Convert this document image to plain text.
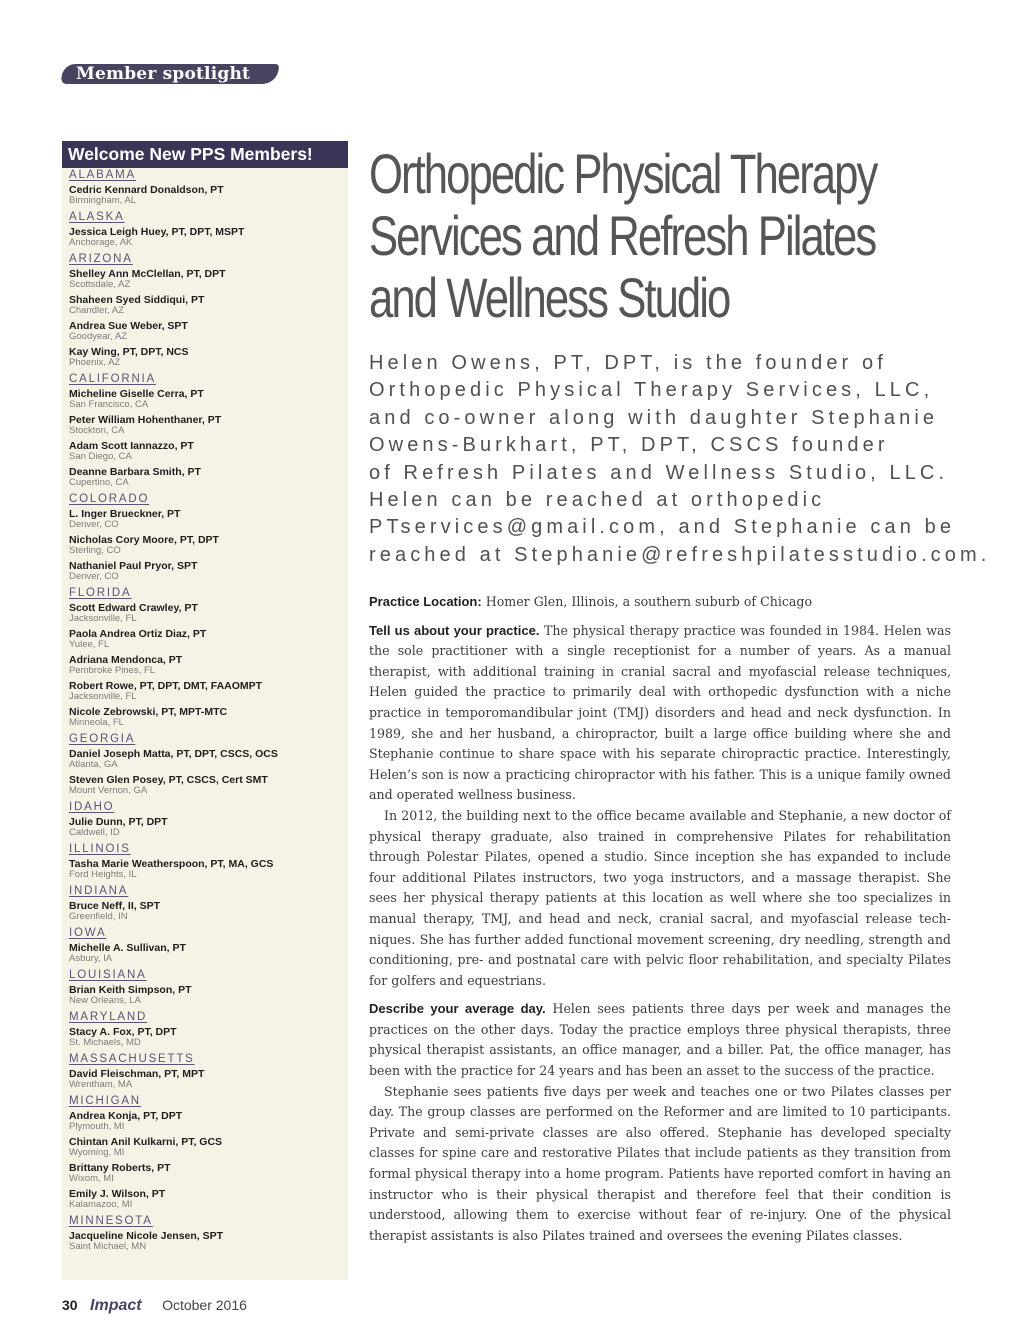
Member spotlight
Welcome New PPS Members!
ALABAMA
Cedric Kennard Donaldson, PT
Birmingham, AL
ALASKA
Jessica Leigh Huey, PT, DPT, MSPT
Anchorage, AK
ARIZONA
Shelley Ann McClellan, PT, DPT
Scottsdale, AZ
Shaheen Syed Siddiqui, PT
Chandler, AZ
Andrea Sue Weber, SPT
Goodyear, AZ
Kay Wing, PT, DPT, NCS
Phoenix, AZ
CALIFORNIA
Micheline Giselle Cerra, PT
San Francisco, CA
Peter William Hohenthaner, PT
Stockton, CA
Adam Scott Iannazzo, PT
San Diego, CA
Deanne Barbara Smith, PT
Cupertino, CA
COLORADO
L. Inger Brueckner, PT
Denver, CO
Nicholas Cory Moore, PT, DPT
Sterling, CO
Nathaniel Paul Pryor, SPT
Denver, CO
FLORIDA
Scott Edward Crawley, PT
Jacksonville, FL
Paola Andrea Ortiz Diaz, PT
Yulee, FL
Adriana Mendonca, PT
Pembroke Pines, FL
Robert Rowe, PT, DPT, DMT, FAAOMPT
Jacksonville, FL
Nicole Zebrowski, PT, MPT-MTC
Minneola, FL
GEORGIA
Daniel Joseph Matta, PT, DPT, CSCS, OCS
Atlanta, GA
Steven Glen Posey, PT, CSCS, Cert SMT
Mount Vernon, GA
IDAHO
Julie Dunn, PT, DPT
Caldwell, ID
ILLINOIS
Tasha Marie Weatherspoon, PT, MA, GCS
Ford Heights, IL
INDIANA
Bruce Neff, II, SPT
Greenfield, IN
IOWA
Michelle A. Sullivan, PT
Asbury, IA
LOUISIANA
Brian Keith Simpson, PT
New Orleans, LA
MARYLAND
Stacy A. Fox, PT, DPT
St. Michaels, MD
MASSACHUSETTS
David Fleischman, PT, MPT
Wrentham, MA
MICHIGAN
Andrea Konja, PT, DPT
Plymouth, MI
Chintan Anil Kulkarni, PT, GCS
Wyoming, MI
Brittany Roberts, PT
Wixom, MI
Emily J. Wilson, PT
Kalamazoo, MI
MINNESOTA
Jacqueline Nicole Jensen, SPT
Saint Michael, MN
Orthopedic Physical Therapy
Services and Refresh Pilates
and Wellness Studio
Helen Owens, PT, DPT, is the founder of
Orthopedic Physical Therapy Services, LLC,
and co-owner along with daughter Stephanie
Owens-Burkhart, PT, DPT, CSCS founder
of Refresh Pilates and Wellness Studio, LLC.
Helen can be reached at orthopedic
PTservices@gmail.com, and Stephanie can be
reached at Stephanie@refreshpilatesstudio.com.

Practice Location: Homer Glen, Illinois, a southern suburb of Chicago

Tell us about your practice. The physical therapy practice was founded in 1984. Helen was the sole practitioner with a single receptionist for a number of years. As a manual therapist, with additional training in cranial sacral and myofascial release techniques, Helen guided the practice to primarily deal with orthopedic dysfunction with a niche practice in temporomandibular joint (TMJ) disorders and head and neck dysfunction. In 1989, she and her husband, a chiropractor, built a large office building where she and Stephanie continue to share space with his separate chiropractic practice. Interestingly, Helen’s son is now a practicing chiropractor with his father. This is a unique family owned and operated wellness business.

In 2012, the building next to the office became available and Stephanie, a new doctor of physical therapy graduate, also trained in comprehensive Pilates for rehabilitation through Polestar Pilates, opened a studio. Since inception she has expanded to include four additional Pilates instructors, two yoga instructors, and a massage therapist. She sees her physical therapy patients at this location as well where she too specializes in manual therapy, TMJ, and head and neck, cranial sacral, and myofascial release techniques. She has further added functional movement screening, dry needling, strength and conditioning, pre- and postnatal care with pelvic floor rehabilitation, and specialty Pilates for golfers and equestrians.

Describe your average day. Helen sees patients three days per week and manages the practices on the other days. Today the practice employs three physical therapists, three physical therapist assistants, an office manager, and a biller. Pat, the office manager, has been with the practice for 24 years and has been an asset to the success of the practice.

Stephanie sees patients five days per week and teaches one or two Pilates classes per day. The group classes are performed on the Reformer and are limited to 10 participants. Private and semi-private classes are also offered. Stephanie has developed specialty classes for spine care and restorative Pilates that include patients as they transition from formal physical therapy into a home program. Patients have reported comfort in having an instructor who is their physical therapist and therefore feel that their condition is understood, allowing them to exercise without fear of re-injury. One of the physical therapist assistants is also Pilates trained and oversees the evening Pilates classes.

30 Impact October 2016
